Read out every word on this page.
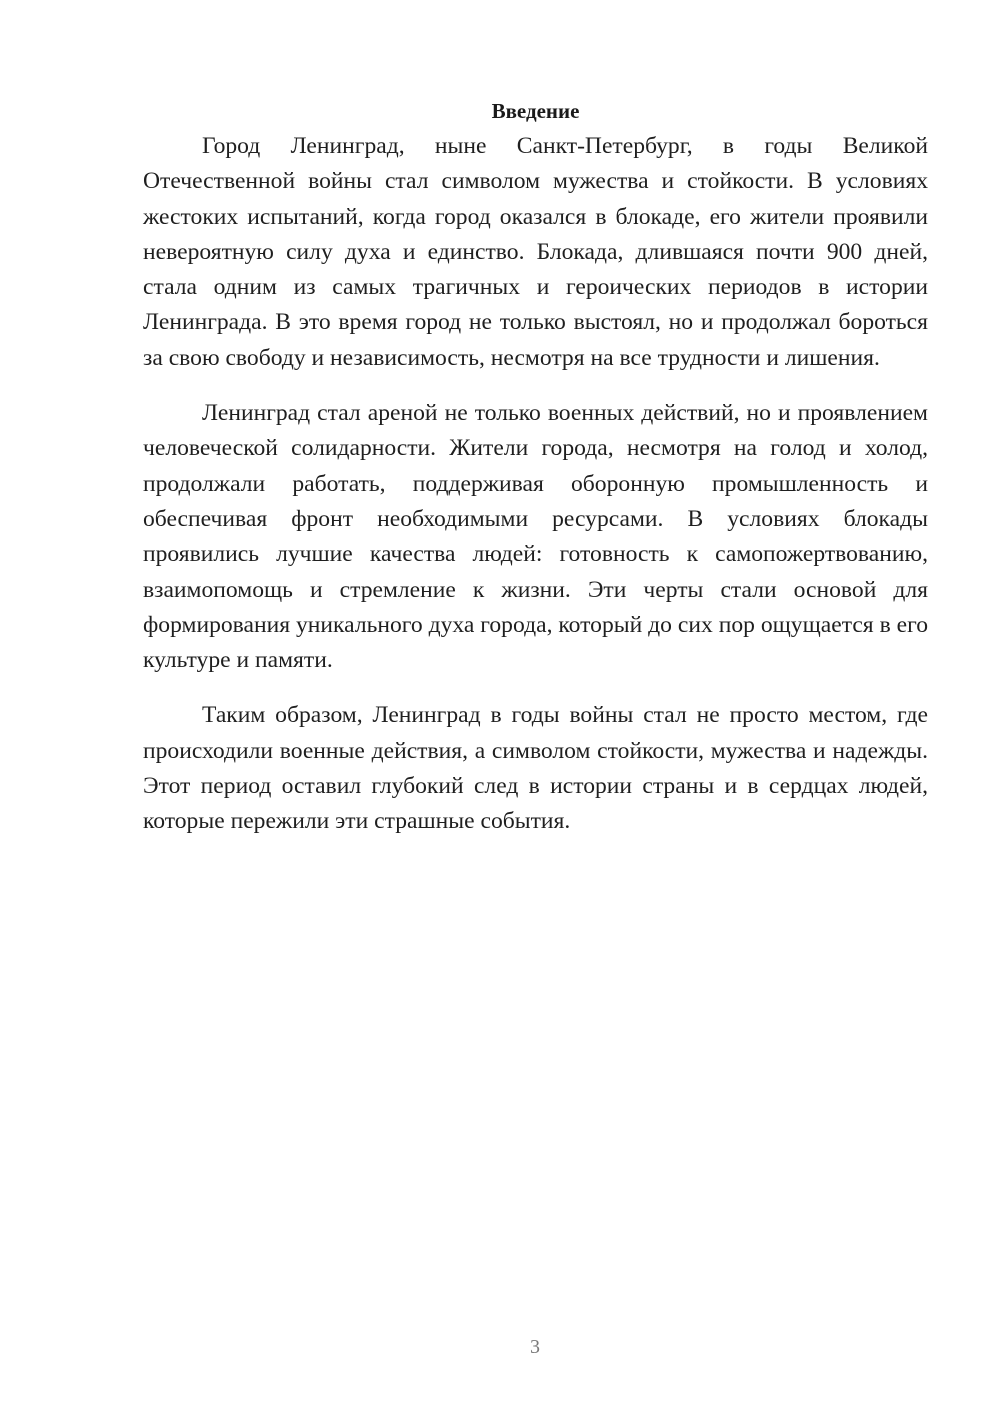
Введение

Город Ленинград, ныне Санкт-Петербург, в годы Великой Отечественной войны стал символом мужества и стойкости. В условиях жестоких испытаний, когда город оказался в блокаде, его жители проявили невероятную силу духа и единство. Блокада, длившаяся почти 900 дней, стала одним из самых трагичных и героических периодов в истории Ленинграда. В это время город не только выстоял, но и продолжал бороться за свою свободу и независимость, несмотря на все трудности и лишения.

Ленинград стал ареной не только военных действий, но и проявлением человеческой солидарности. Жители города, несмотря на голод и холод, продолжали работать, поддерживая оборонную промышленность и обеспечивая фронт необходимыми ресурсами. В условиях блокады проявились лучшие качества людей: готовность к самопожертвованию, взаимопомощь и стремление к жизни. Эти черты стали основой для формирования уникального духа города, который до сих пор ощущается в его культуре и памяти.

Таким образом, Ленинград в годы войны стал не просто местом, где происходили военные действия, а символом стойкости, мужества и надежды. Этот период оставил глубокий след в истории страны и в сердцах людей, которые пережили эти страшные события.

3
